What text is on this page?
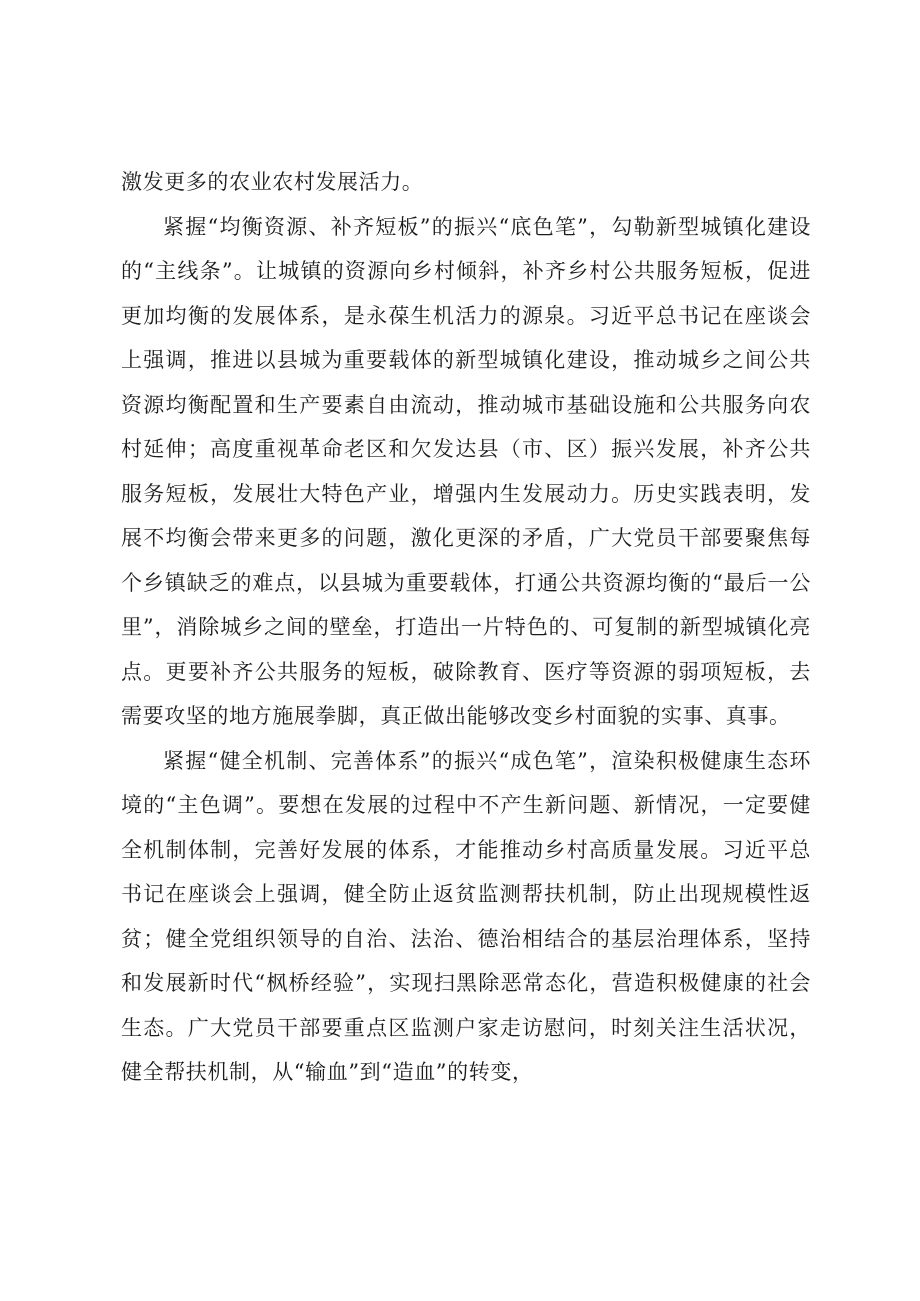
激发更多的农业农村发展活力。

紧握“均衡资源、补齐短板”的振兴“底色笔”，勾勒新型城镇化建设的“主线条”。让城镇的资源向乡村倾斜，补齐乡村公共服务短板，促进更加均衡的发展体系，是永葆生机活力的源泉。习近平总书记在座谈会上强调，推进以县城为重要载体的新型城镇化建设，推动城乡之间公共资源均衡配置和生产要素自由流动，推动城市基础设施和公共服务向农村延伸；高度重视革命老区和欠发达县（市、区）振兴发展，补齐公共服务短板，发展壮大特色产业，增强内生发展动力。历史实践表明，发展不均衡会带来更多的问题，激化更深的矛盾，广大党员干部要聚焦每个乡镇缺乏的难点，以县城为重要载体，打通公共资源均衡的“最后一公里”，消除城乡之间的壁垒，打造出一片特色的、可复制的新型城镇化亮点。更要补齐公共服务的短板，破除教育、医疗等资源的弱项短板，去需要攻坚的地方施展拳脚，真正做出能够改变乡村面貌的实事、真事。

紧握“健全机制、完善体系”的振兴“成色笔”，渲染积极健康生态环境的“主色调”。要想在发展的过程中不产生新问题、新情况，一定要健全机制体制，完善好发展的体系，才能推动乡村高质量发展。习近平总书记在座谈会上强调，健全防止返贫监测帮扶机制，防止出现规模性返贫；健全党组织领导的自治、法治、德治相结合的基层治理体系，坚持和发展新时代“枫桥经验”，实现扫黑除恶常态化，营造积极健康的社会生态。广大党员干部要重点区监测户家走访慰问，时刻关注生活状况，健全帮扶机制，从“输血”到“造血”的转变，
